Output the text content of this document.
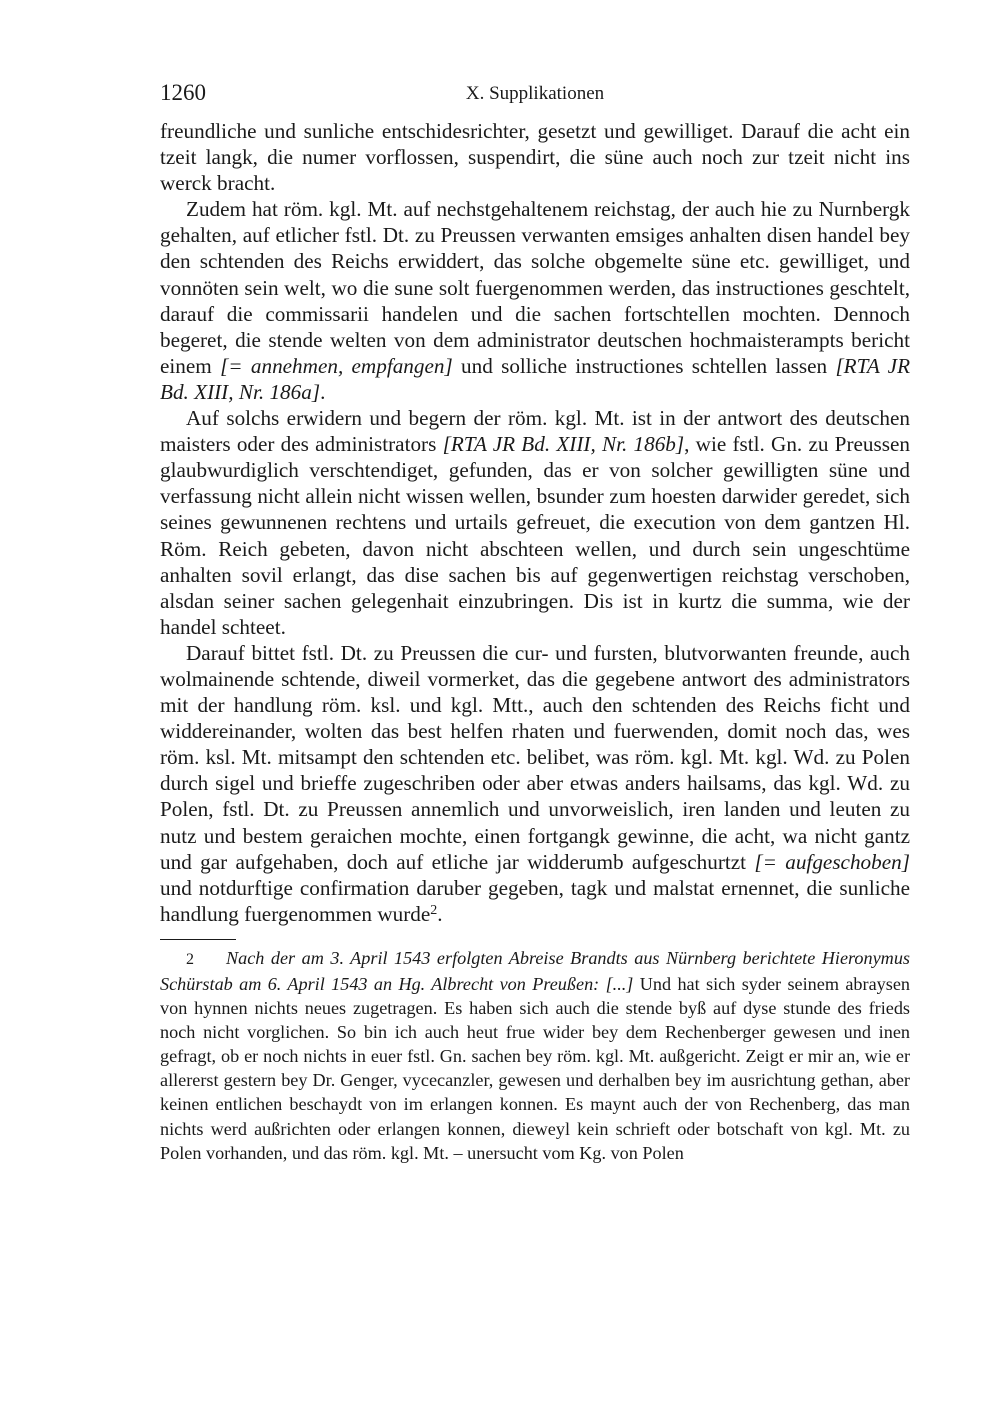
1260	X. Supplikationen

freundliche und sunliche entschidesrichter, gesetzt und gewilliget. Darauf die acht ein tzeit langk, die numer vorflossen, suspendirt, die süne auch noch zur tzeit nicht ins werck bracht.

Zudem hat röm. kgl. Mt. auf nechstgehaltenem reichstag, der auch hie zu Nurnbergk gehalten, auf etlicher fstl. Dt. zu Preussen verwanten emsiges anhalten disen handel bey den schtenden des Reichs erwiddert, das solche obgemelte süne etc. gewilliget, und vonnöten sein welt, wo die sune solt fuergenommen werden, das instructiones geschtelt, darauf die commissarii handelen und die sachen fortschtellen mochten. Dennoch begeret, die stende welten von dem administrator deutschen hochmaisterampts bericht einem [= annehmen, empfangen] und solliche instructiones schtellen lassen [RTA JR Bd. XIII, Nr. 186a].

Auf solchs erwidern und begern der röm. kgl. Mt. ist in der antwort des deutschen maisters oder des administrators [RTA JR Bd. XIII, Nr. 186b], wie fstl. Gn. zu Preussen glaubwurdiglich verschtendiget, gefunden, das er von solcher gewilligten süne und verfassung nicht allein nicht wissen wellen, bsunder zum hoesten darwider geredet, sich seines gewunnenen rechtens und urtails gefreuet, die execution von dem gantzen Hl. Röm. Reich gebeten, davon nicht abschteen wellen, und durch sein ungeschtüme anhalten sovil erlangt, das dise sachen bis auf gegenwertigen reichstag verschoben, alsdan seiner sachen gelegenhait einzubringen. Dis ist in kurtz die summa, wie der handel schteet.

Darauf bittet fstl. Dt. zu Preussen die cur- und fursten, blutvorwanten freunde, auch wolmainende schtende, diweil vormerket, das die gegebene antwort des administrators mit der handlung röm. ksl. und kgl. Mtt., auch den schtenden des Reichs ficht und widdereinander, wolten das best helfen rhaten und fuerwenden, domit noch das, wes röm. ksl. Mt. mitsampt den schtenden etc. belibet, was röm. kgl. Mt. kgl. Wd. zu Polen durch sigel und brieffe zugeschriben oder aber etwas anders hailsams, das kgl. Wd. zu Polen, fstl. Dt. zu Preussen annemlich und unvorweislich, iren landen und leuten zu nutz und bestem geraichen mochte, einen fortgangk gewinne, die acht, wa nicht gantz und gar aufgehaben, doch auf etliche jar widderumb aufgeschurtzt [= aufgeschoben] und notdurftige confirmation daruber gegeben, tagk und malstat ernennet, die sunliche handlung fuergenommen wurde$^2$.

2 Nach der am 3. April 1543 erfolgten Abreise Brandts aus Nürnberg berichtete Hieronymus Schürstab am 6. April 1543 an Hg. Albrecht von Preußen: [...] Und hat sich syder seinem abraysen von hynnen nichts neues zugetragen. Es haben sich auch die stende byß auf dyse stunde des frieds noch nicht vorglichen. So bin ich auch heut frue wider bey dem Rechenberger gewesen und inen gefragt, ob er noch nichts in euer fstl. Gn. sachen bey röm. kgl. Mt. außgericht. Zeigt er mir an, wie er allererst gestern bey Dr. Genger, vycecanzler, gewesen und derhalben bey im ausrichtung gethan, aber keinen entlichen beschaydt von im erlangen konnen. Es maynt auch der von Rechenberg, das man nichts werd außrichten oder erlangen konnen, dieweyl kein schrieft oder botschaft von kgl. Mt. zu Polen vorhanden, und das röm. kgl. Mt. – unersucht vom Kg. von Polen
